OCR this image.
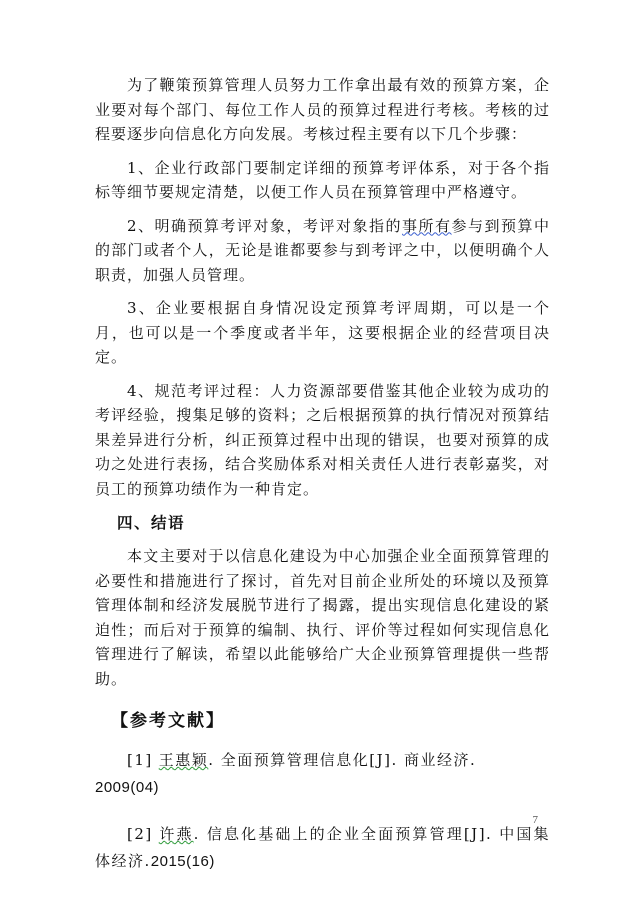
为了鞭策预算管理人员努力工作拿出最有效的预算方案，企业要对每个部门、每位工作人员的预算过程进行考核。考核的过程要逐步向信息化方向发展。考核过程主要有以下几个步骤：

1、企业行政部门要制定详细的预算考评体系，对于各个指标等细节要规定清楚，以便工作人员在预算管理中严格遵守。

2、明确预算考评对象，考评对象指的事所有参与到预算中的部门或者个人，无论是谁都要参与到考评之中，以便明确个人职责，加强人员管理。

3、企业要根据自身情况设定预算考评周期，可以是一个月，也可以是一个季度或者半年，这要根据企业的经营项目决定。

4、规范考评过程：人力资源部要借鉴其他企业较为成功的考评经验，搜集足够的资料；之后根据预算的执行情况对预算结果差异进行分析，纠正预算过程中出现的错误，也要对预算的成功之处进行表扬，结合奖励体系对相关责任人进行表彰嘉奖，对员工的预算功绩作为一种肯定。

四、结语

本文主要对于以信息化建设为中心加强企业全面预算管理的必要性和措施进行了探讨，首先对目前企业所处的环境以及预算管理体制和经济发展脱节进行了揭露，提出实现信息化建设的紧迫性；而后对于预算的编制、执行、评价等过程如何实现信息化管理进行了解读，希望以此能够给广大企业预算管理提供一些帮助。

【参考文献】

[1] 王惠颖. 全面预算管理信息化[J]. 商业经济.
2009(04)

[2] 许燕. 信息化基础上的企业全面预算管理[J]. 中国集体经济.2015(16)

7
